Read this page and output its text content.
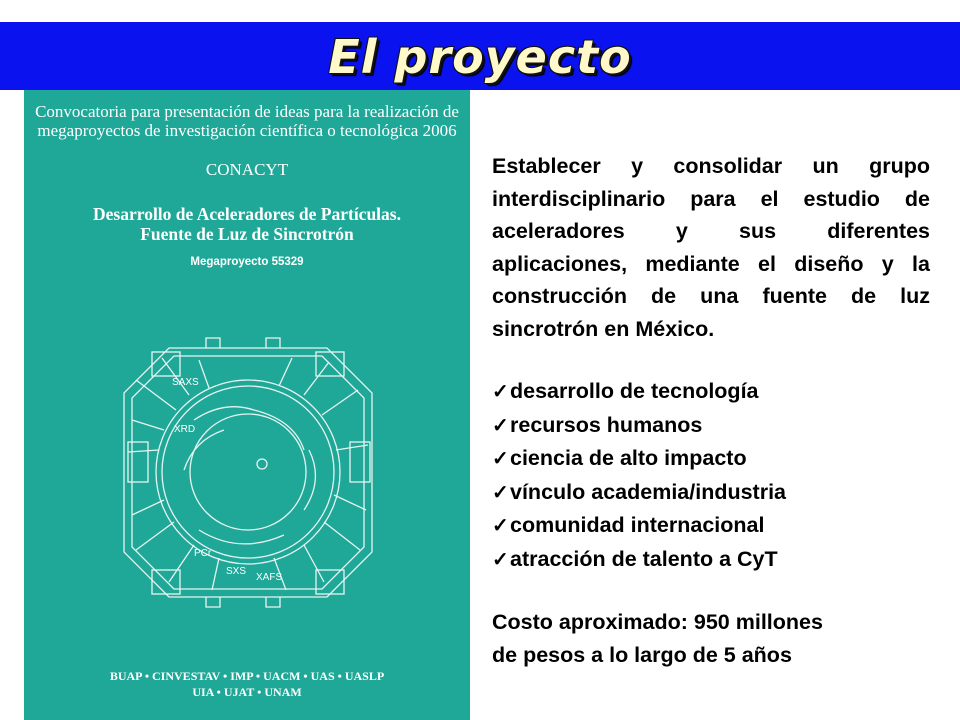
El proyecto
Convocatoria para presentación de ideas para la realización de
megaproyectos de investigación científica o tecnológica 2006
CONACYT
Desarrollo de Aceleradores de Partículas.
Fuente de Luz de Sincrotrón
Megaproyecto 55329
SAXS
XRD
PCr
SXS
XAFS
BUAP • CINVESTAV • IMP • UACM • UAS • UASLP
UIA • UJAT • UNAM

Establecer y consolidar un grupo interdisciplinario para el estudio de aceleradores y sus diferentes aplicaciones, mediante el diseño y la construcción de una fuente de luz sincrotrón en México.

✓ desarrollo de tecnología
✓ recursos humanos
✓ ciencia de alto impacto
✓ vínculo academia/industria
✓ comunidad internacional
✓ atracción de talento a CyT
Costo aproximado: 950 millones
de pesos a lo largo de 5 años
